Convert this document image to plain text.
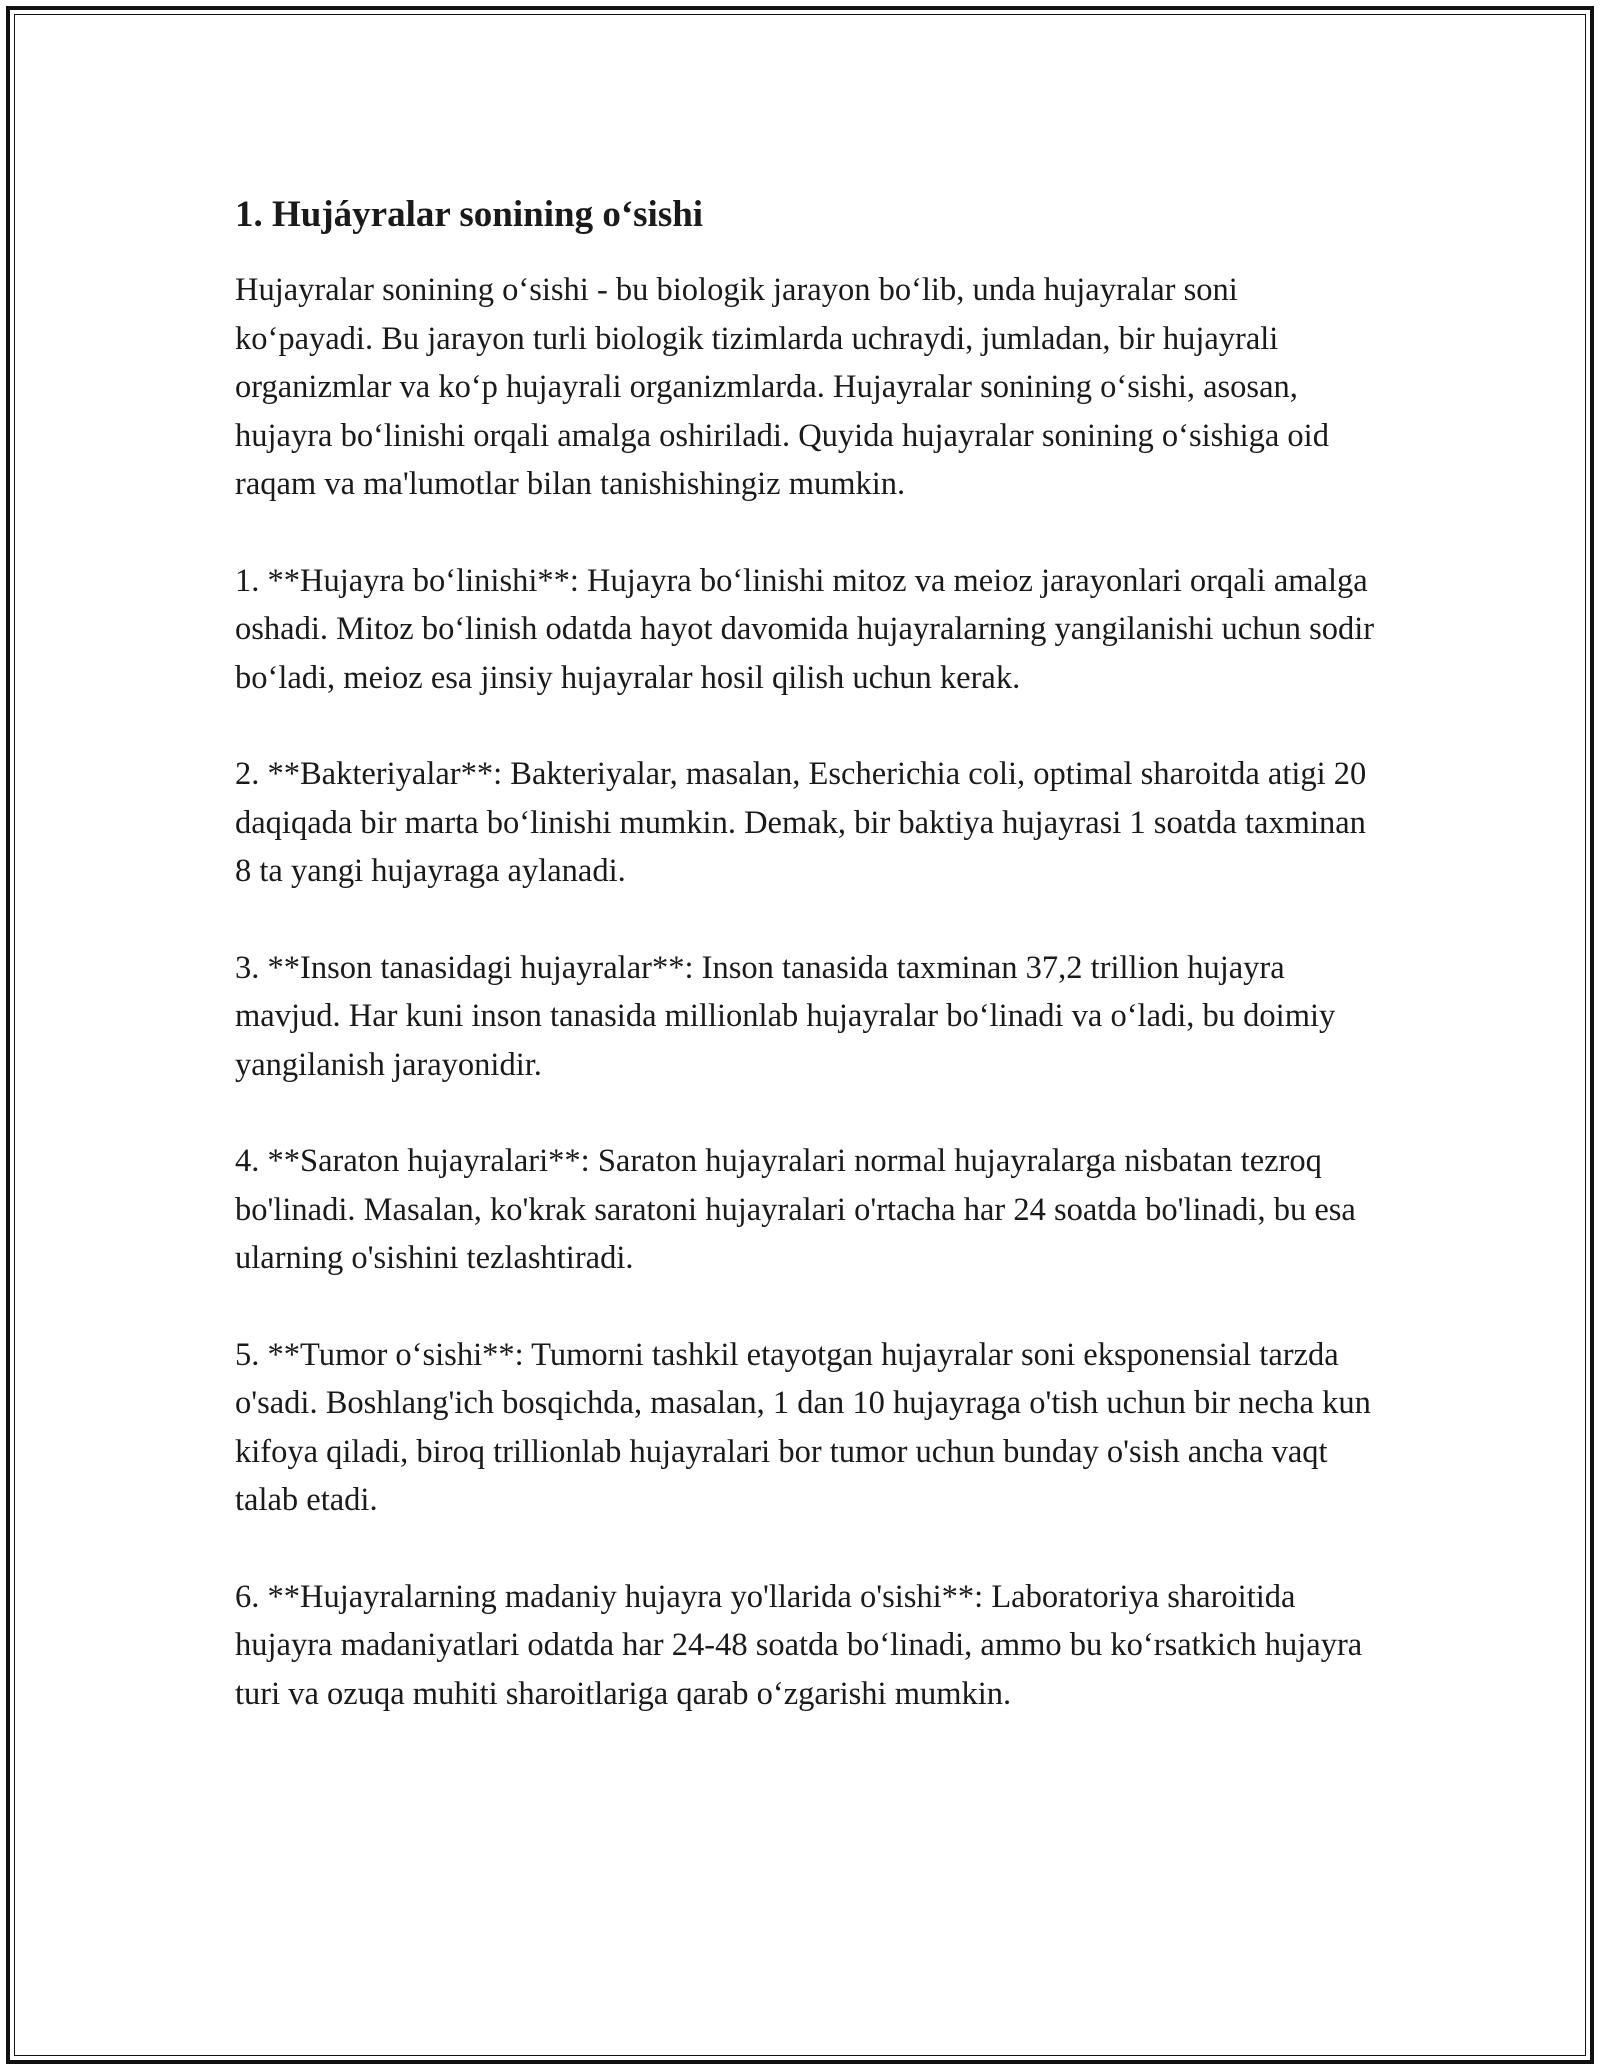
1. Hujáyralar sonining o‘sishi

Hujayralar sonining o‘sishi - bu biologik jarayon bo‘lib, unda hujayralar soni ko‘payadi. Bu jarayon turli biologik tizimlarda uchraydi, jumladan, bir hujayrali organizmlar va ko‘p hujayrali organizmlarda. Hujayralar sonining o‘sishi, asosan, hujayra bo‘linishi orqali amalga oshiriladi. Quyida hujayralar sonining o‘sishiga oid raqam va ma'lumotlar bilan tanishishingiz mumkin.

1. **Hujayra bo‘linishi**: Hujayra bo‘linishi mitoz va meioz jarayonlari orqali amalga oshadi. Mitoz bo‘linish odatda hayot davomida hujayralarning yangilanishi uchun sodir bo‘ladi, meioz esa jinsiy hujayralar hosil qilish uchun kerak.

2. **Bakteriyalar**: Bakteriyalar, masalan, Escherichia coli, optimal sharoitda atigi 20 daqiqada bir marta bo‘linishi mumkin. Demak, bir baktiya hujayrasi 1 soatda taxminan 8 ta yangi hujayraga aylanadi.

3. **Inson tanasidagi hujayralar**: Inson tanasida taxminan 37,2 trillion hujayra mavjud. Har kuni inson tanasida millionlab hujayralar bo‘linadi va o‘ladi, bu doimiy yangilanish jarayonidir.

4. **Saraton hujayralari**: Saraton hujayralari normal hujayralarga nisbatan tezroq bo'linadi. Masalan, ko'krak saratoni hujayralari o'rtacha har 24 soatda bo'linadi, bu esa ularning o'sishini tezlashtiradi.

5. **Tumor o‘sishi**: Tumorni tashkil etayotgan hujayralar soni eksponensial tarzda o'sadi. Boshlang'ich bosqichda, masalan, 1 dan 10 hujayraga o'tish uchun bir necha kun kifoya qiladi, biroq trillionlab hujayralari bor tumor uchun bunday o'sish ancha vaqt talab etadi.

6. **Hujayralarning madaniy hujayra yo'llarida o'sishi**: Laboratoriya sharoitida hujayra madaniyatlari odatda har 24-48 soatda bo‘linadi, ammo bu ko‘rsatkich hujayra turi va ozuqa muhiti sharoitlariga qarab o‘zgarishi mumkin.
